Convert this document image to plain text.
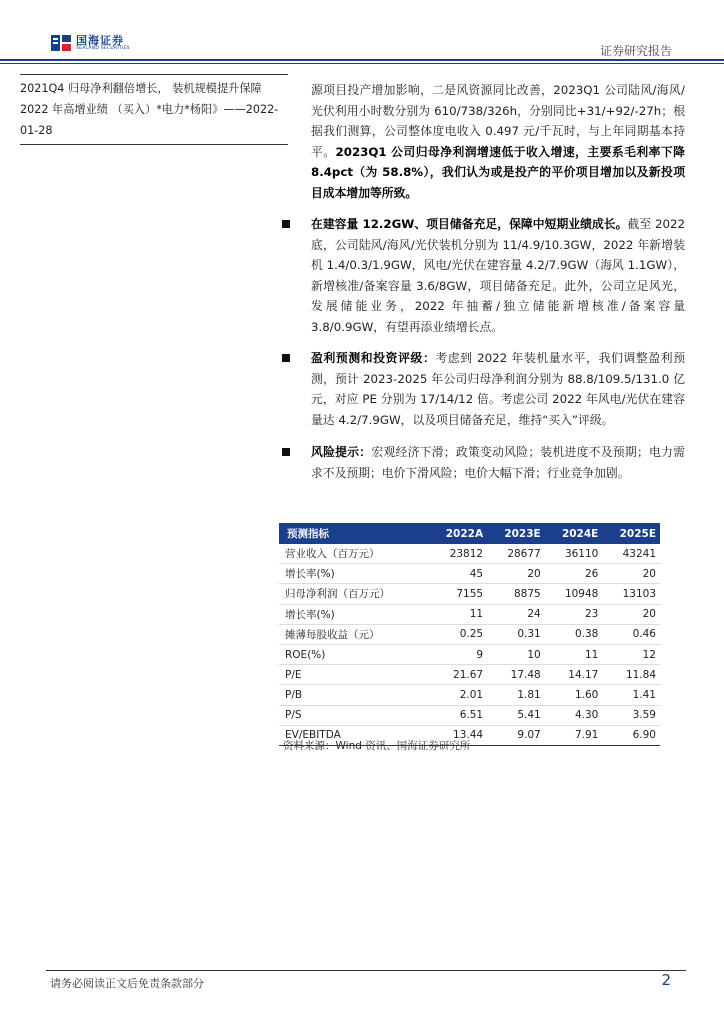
国海证券
SEALAND SECURITIES	证券研究报告
2021Q4 归母净利翻倍增长， 装机规模提升保障 2022 年高增业绩 （买入）*电力*杨阳》——2022-01-28
源项目投产增加影响，二是风资源同比改善，2023Q1 公司陆风/海风/光伏利用小时数分别为 610/738/326h，分别同比+31/+92/-27h；根据我们测算，公司整体度电收入 0.497 元/千瓦时，与上年同期基本持平。2023Q1 公司归母净利润增速低于收入增速，主要系毛利率下降 8.4pct（为 58.8%），我们认为或是投产的平价项目增加以及新投项目成本增加等所致。
在建容量 12.2GW、项目储备充足，保障中短期业绩成长。截至 2022 底，公司陆风/海风/光伏装机分别为 11/4.9/10.3GW，2022 年新增装机 1.4/0.3/1.9GW，风电/光伏在建容量 4.2/7.9GW（海风 1.1GW），新增核准/备案容量 3.6/8GW，项目储备充足。此外，公司立足风光，发展储能业务，2022 年抽蓄/独立储能新增核准/备案容量 3.8/0.9GW，有望再添业绩增长点。
盈利预测和投资评级：考虑到 2022 年装机量水平，我们调整盈利预测，预计 2023-2025 年公司归母净利润分别为 88.8/109.5/131.0 亿元，对应 PE 分别为 17/14/12 倍。考虑公司 2022 年风电/光伏在建容量达 4.2/7.9GW，以及项目储备充足，维持“买入”评级。
风险提示：宏观经济下滑；政策变动风险；装机进度不及预期；电力需求不及预期；电价下滑风险；电价大幅下滑；行业竞争加剧。
预测指标	2022A	2023E	2024E	2025E
营业收入（百万元）	23812	28677	36110	43241
增长率(%)	45	20	26	20
归母净利润（百万元）	7155	8875	10948	13103
增长率(%)	11	24	23	20
摊薄每股收益（元）	0.25	0.31	0.38	0.46
ROE(%)	9	10	11	12
P/E	21.67	17.48	14.17	11.84
P/B	2.01	1.81	1.60	1.41
P/S	6.51	5.41	4.30	3.59
EV/EBITDA	13.44	9.07	7.91	6.90
资料来源：Wind 资讯、国海证券研究所
请务必阅读正文后免责条款部分	2
